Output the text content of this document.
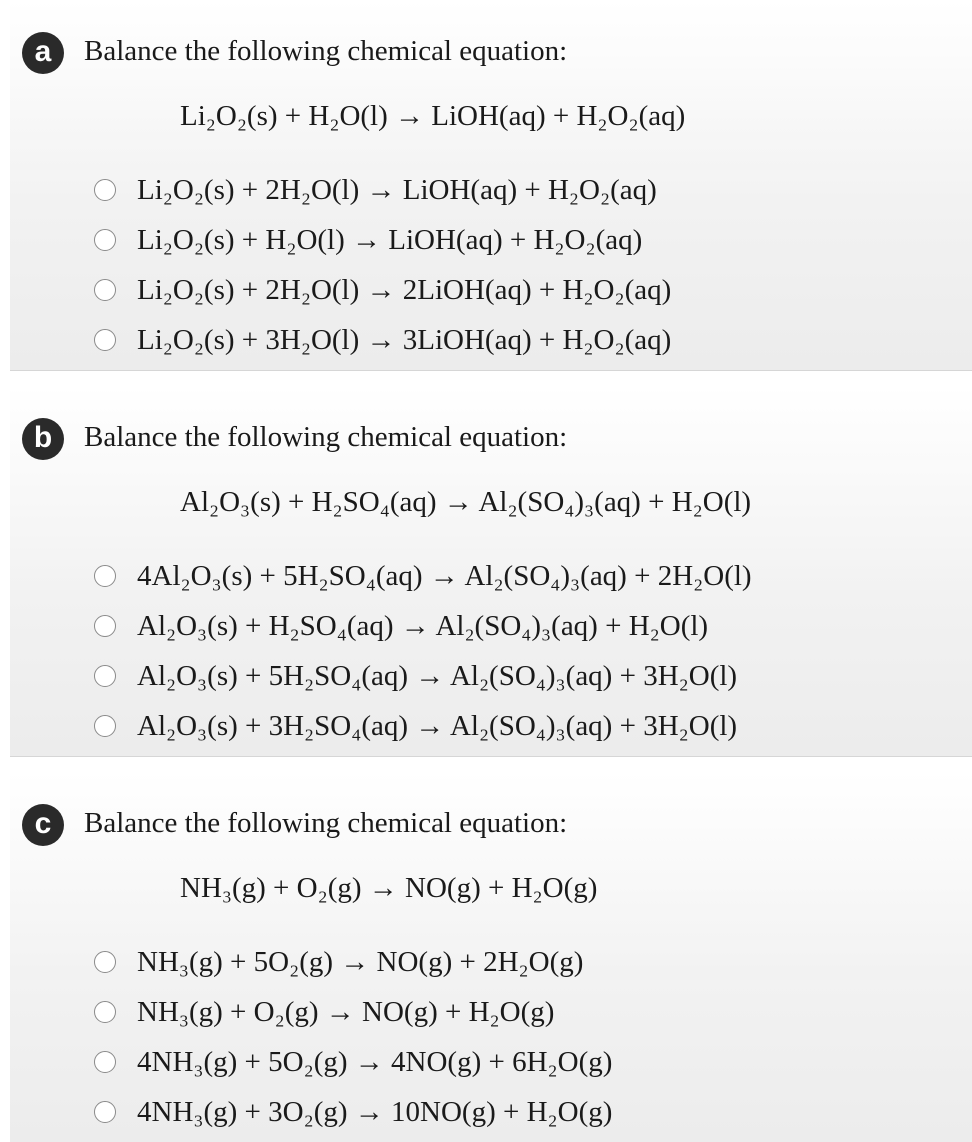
a	Balance the following chemical equation:
Li₂O₂(s) + H₂O(l) → LiOH(aq) + H₂O₂(aq)
Li₂O₂(s) + 2H₂O(l) → LiOH(aq) + H₂O₂(aq)
Li₂O₂(s) + H₂O(l) → LiOH(aq) + H₂O₂(aq)
Li₂O₂(s) + 2H₂O(l) → 2LiOH(aq) + H₂O₂(aq)
Li₂O₂(s) + 3H₂O(l) → 3LiOH(aq) + H₂O₂(aq)
b	Balance the following chemical equation:
Al₂O₃(s) + H₂SO₄(aq) → Al₂(SO₄)₃(aq) + H₂O(l)
4Al₂O₃(s) + 5H₂SO₄(aq) → Al₂(SO₄)₃(aq) + 2H₂O(l)
Al₂O₃(s) + H₂SO₄(aq) → Al₂(SO₄)₃(aq) + H₂O(l)
Al₂O₃(s) + 5H₂SO₄(aq) → Al₂(SO₄)₃(aq) + 3H₂O(l)
Al₂O₃(s) + 3H₂SO₄(aq) → Al₂(SO₄)₃(aq) + 3H₂O(l)
c	Balance the following chemical equation:
NH₃(g) + O₂(g) → NO(g) + H₂O(g)
NH₃(g) + 5O₂(g) → NO(g) + 2H₂O(g)
NH₃(g) + O₂(g) → NO(g) + H₂O(g)
4NH₃(g) + 5O₂(g) → 4NO(g) + 6H₂O(g)
4NH₃(g) + 3O₂(g) → 10NO(g) + H₂O(g)
